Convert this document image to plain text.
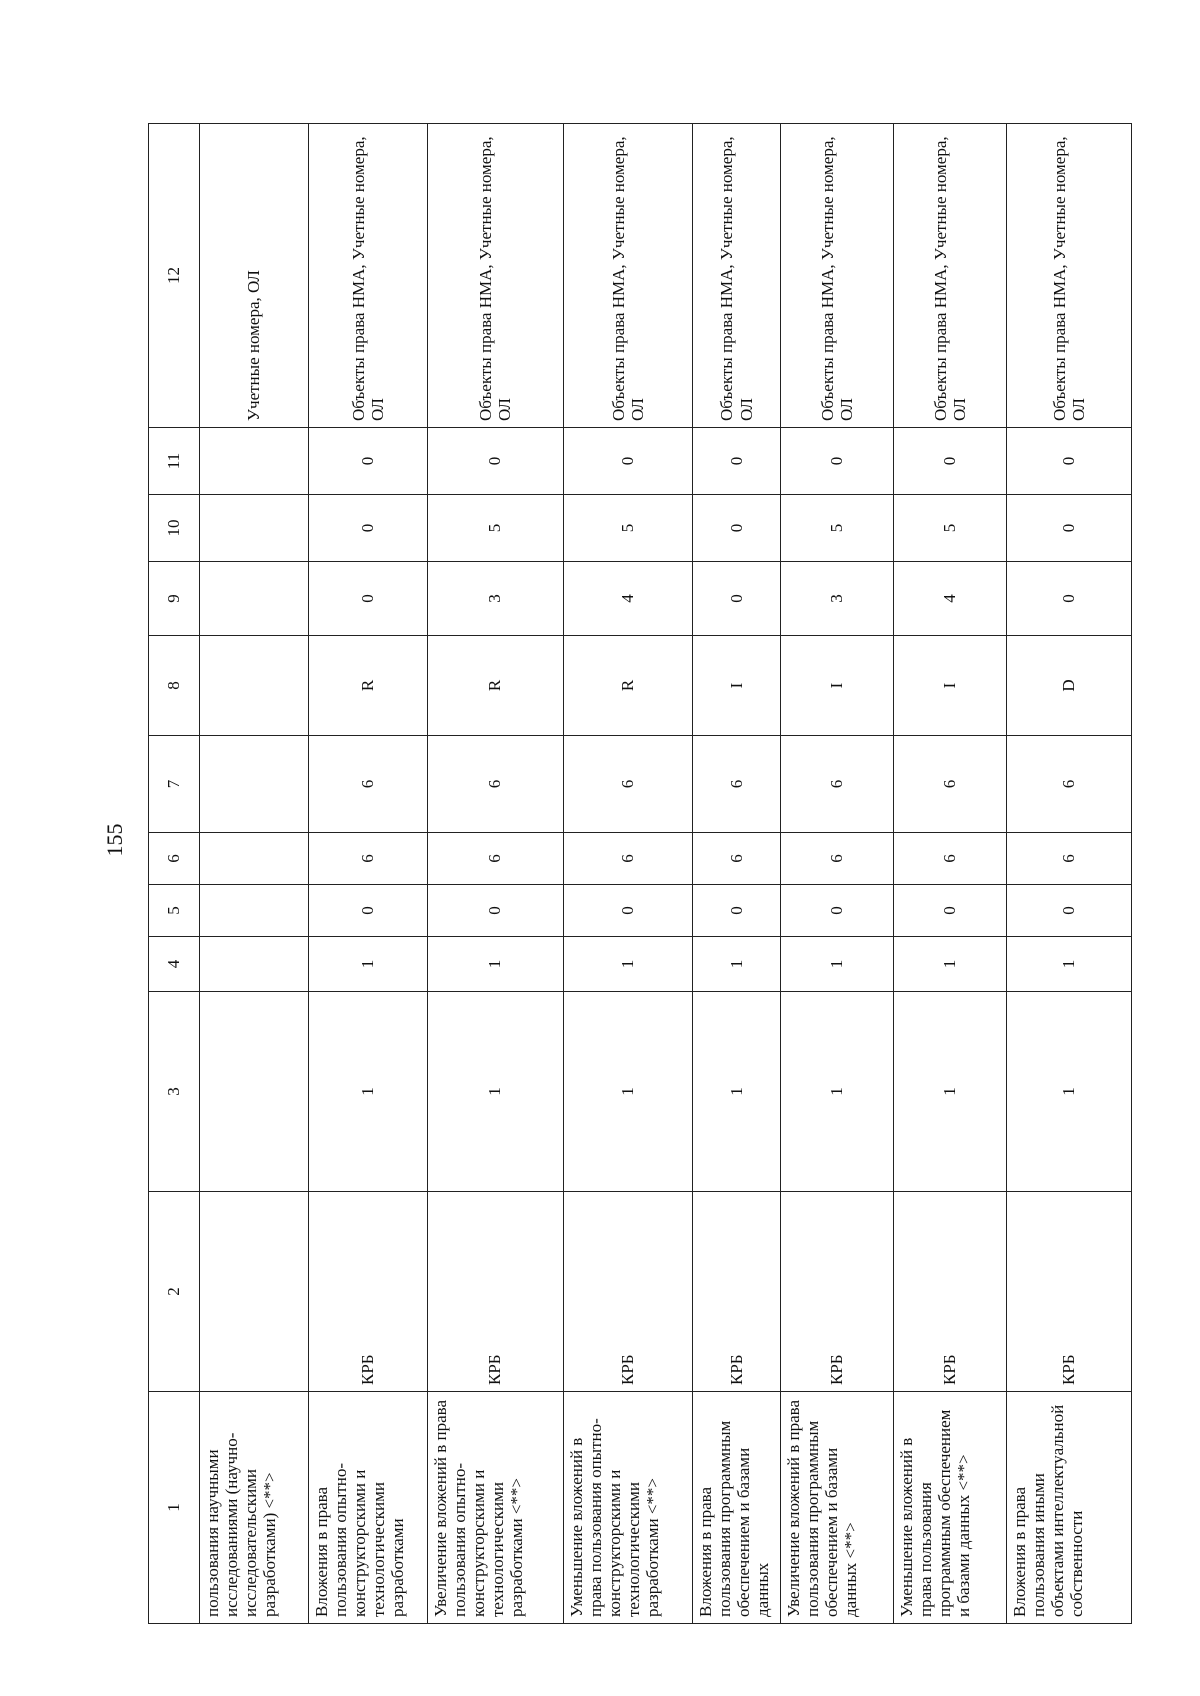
155
1	2	3	4	5	6	7	8	9	10	11	12
пользования научными исследованиями (научно-исследовательскими разработками) <**>											Учетные номера, ОЛ
Вложения в права пользования опытно-конструкторскими и технологическими разработками	КРБ	1	1	0	6	6	R	0	0	0	Объекты права НМА, Учетные номера, ОЛ
Увеличение вложений в права пользования опытно-конструкторскими и технологическими разработками <**>	КРБ	1	1	0	6	6	R	3	5	0	Объекты права НМА, Учетные номера, ОЛ
Уменьшение вложений в права пользования опытно-конструкторскими и технологическими разработками <**>	КРБ	1	1	0	6	6	R	4	5	0	Объекты права НМА, Учетные номера, ОЛ
Вложения в права пользования программным обеспечением и базами данных	КРБ	1	1	0	6	6	I	0	0	0	Объекты права НМА, Учетные номера, ОЛ
Увеличение вложений в права пользования программным обеспечением и базами данных <**>	КРБ	1	1	0	6	6	I	3	5	0	Объекты права НМА, Учетные номера, ОЛ
Уменьшение вложений в права пользования программным обеспечением и базами данных <**>	КРБ	1	1	0	6	6	I	4	5	0	Объекты права НМА, Учетные номера, ОЛ
Вложения в права пользования иными объектами интеллектуальной собственности	КРБ	1	1	0	6	6	D	0	0	0	Объекты права НМА, Учетные номера, ОЛ
